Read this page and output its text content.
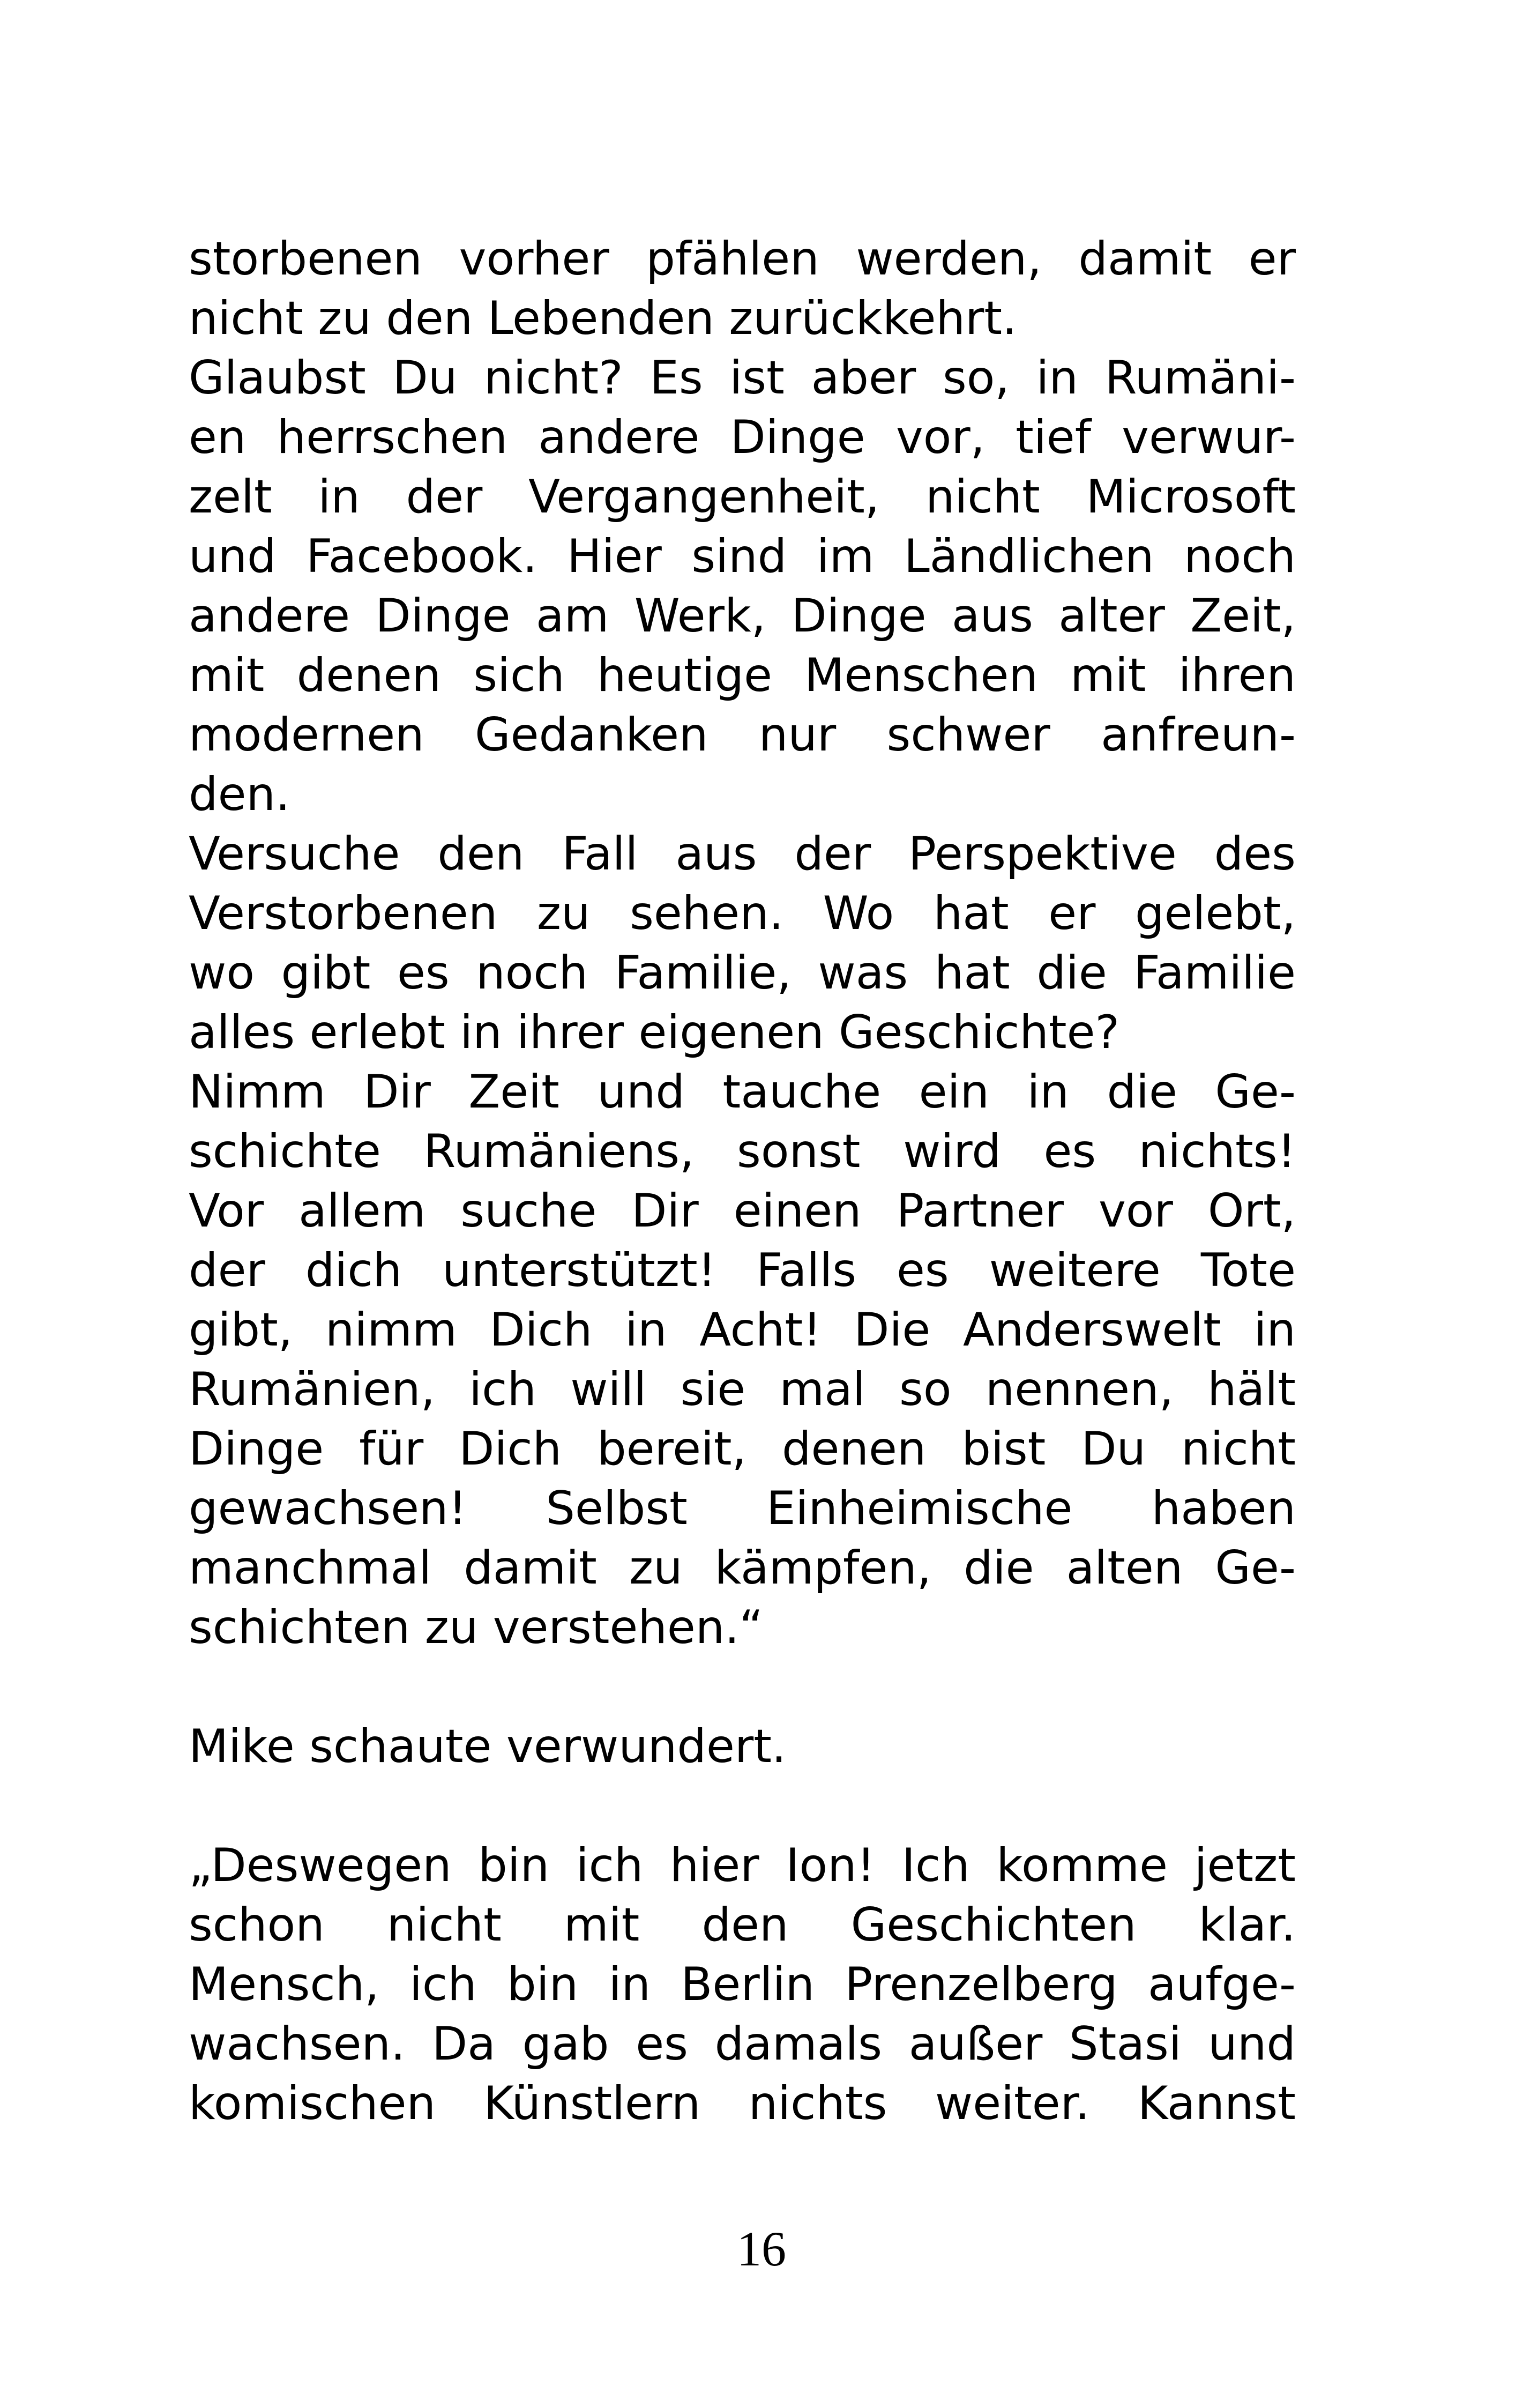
storbenen vorher pfählen werden, damit er
nicht zu den Lebenden zurückkehrt.
Glaubst Du nicht? Es ist aber so, in Rumäni-
en herrschen andere Dinge vor, tief verwur-
zelt in der Vergangenheit, nicht Microsoft
und Facebook. Hier sind im Ländlichen noch
andere Dinge am Werk, Dinge aus alter Zeit,
mit denen sich heutige Menschen mit ihren
modernen Gedanken nur schwer anfreun-
den.
Versuche den Fall aus der Perspektive des
Verstorbenen zu sehen. Wo hat er gelebt,
wo gibt es noch Familie, was hat die Familie
alles erlebt in ihrer eigenen Geschichte?
Nimm Dir Zeit und tauche ein in die Ge-
schichte Rumäniens, sonst wird es nichts!
Vor allem suche Dir einen Partner vor Ort,
der dich unterstützt! Falls es weitere Tote
gibt, nimm Dich in Acht! Die Anderswelt in
Rumänien, ich will sie mal so nennen, hält
Dinge für Dich bereit, denen bist Du nicht
gewachsen! Selbst Einheimische haben
manchmal damit zu kämpfen, die alten Ge-
schichten zu verstehen.“
Mike schaute verwundert.
„Deswegen bin ich hier Ion! Ich komme jetzt
schon nicht mit den Geschichten klar.
Mensch, ich bin in Berlin Prenzelberg aufge-
wachsen. Da gab es damals außer Stasi und
komischen Künstlern nichts weiter. Kannst
16
